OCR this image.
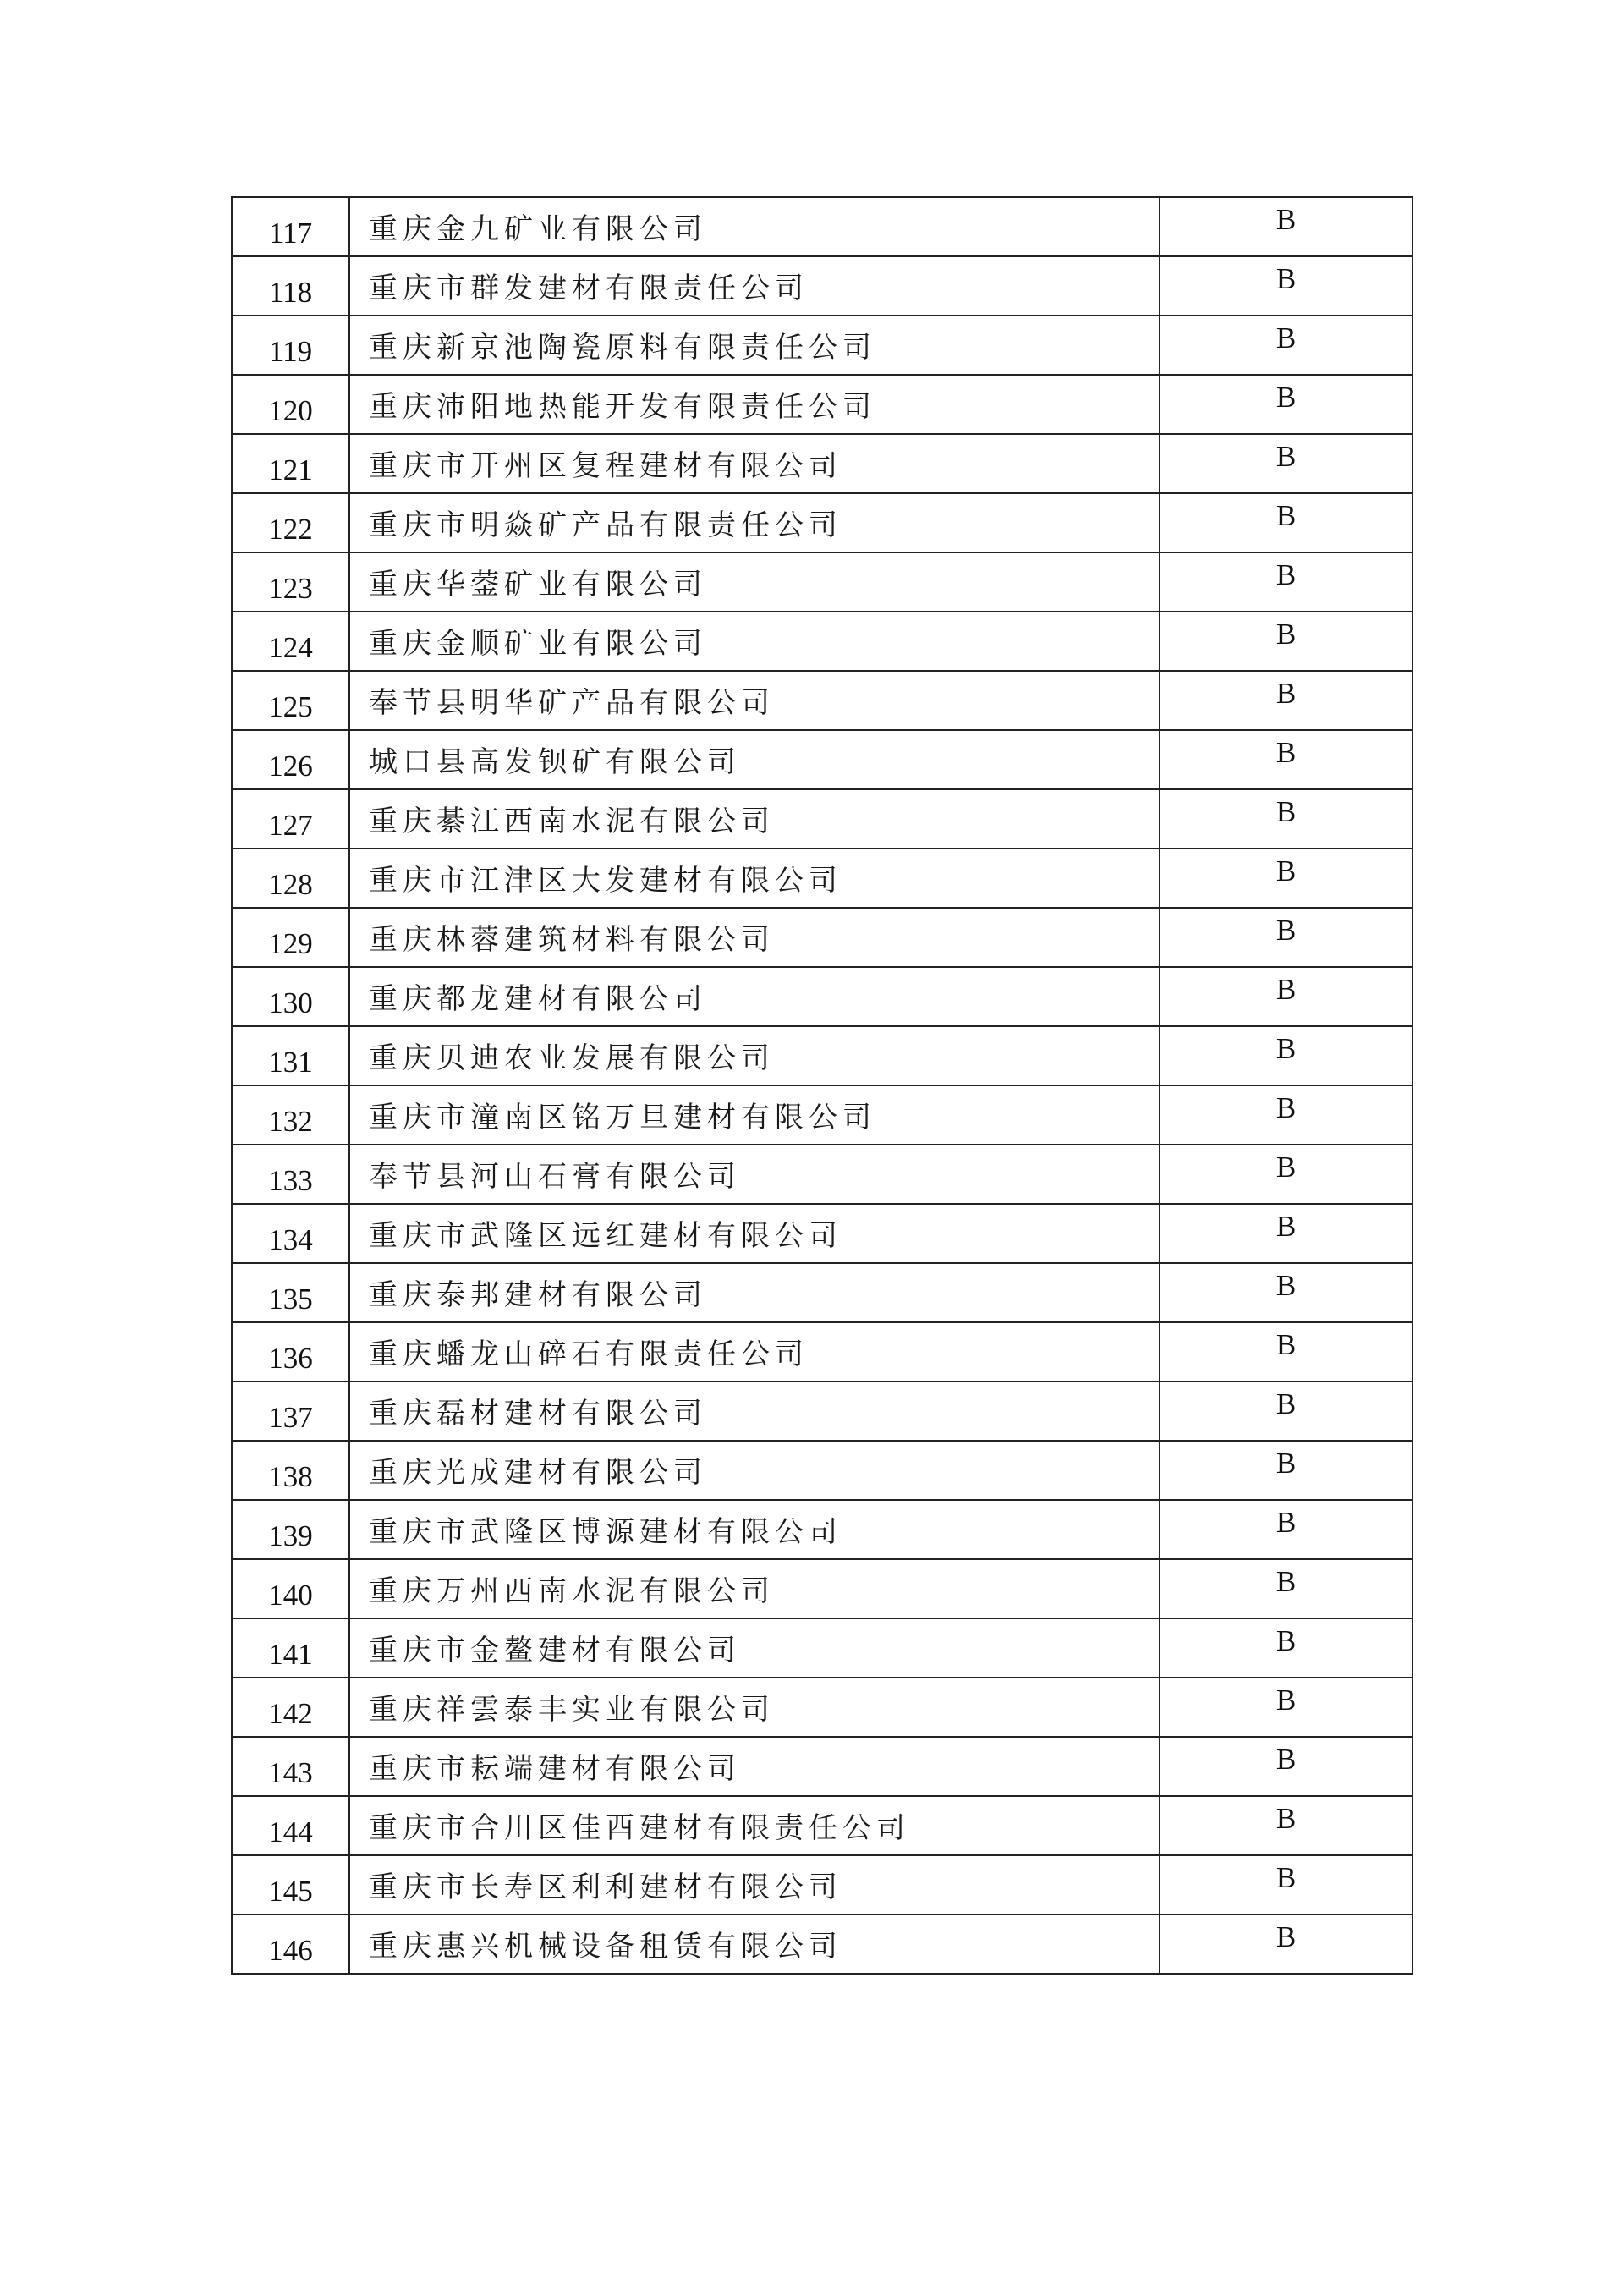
117	重庆金九矿业有限公司	B
118	重庆市群发建材有限责任公司	B
119	重庆新京池陶瓷原料有限责任公司	B
120	重庆沛阳地热能开发有限责任公司	B
121	重庆市开州区复程建材有限公司	B
122	重庆市明焱矿产品有限责任公司	B
123	重庆华蓥矿业有限公司	B
124	重庆金顺矿业有限公司	B
125	奉节县明华矿产品有限公司	B
126	城口县高发钡矿有限公司	B
127	重庆綦江西南水泥有限公司	B
128	重庆市江津区大发建材有限公司	B
129	重庆林蓉建筑材料有限公司	B
130	重庆都龙建材有限公司	B
131	重庆贝迪农业发展有限公司	B
132	重庆市潼南区铭万旦建材有限公司	B
133	奉节县河山石膏有限公司	B
134	重庆市武隆区远红建材有限公司	B
135	重庆泰邦建材有限公司	B
136	重庆蟠龙山碎石有限责任公司	B
137	重庆磊材建材有限公司	B
138	重庆光成建材有限公司	B
139	重庆市武隆区博源建材有限公司	B
140	重庆万州西南水泥有限公司	B
141	重庆市金鳌建材有限公司	B
142	重庆祥雲泰丰实业有限公司	B
143	重庆市耘端建材有限公司	B
144	重庆市合川区佳酉建材有限责任公司	B
145	重庆市长寿区利利建材有限公司	B
146	重庆惠兴机械设备租赁有限公司	B
